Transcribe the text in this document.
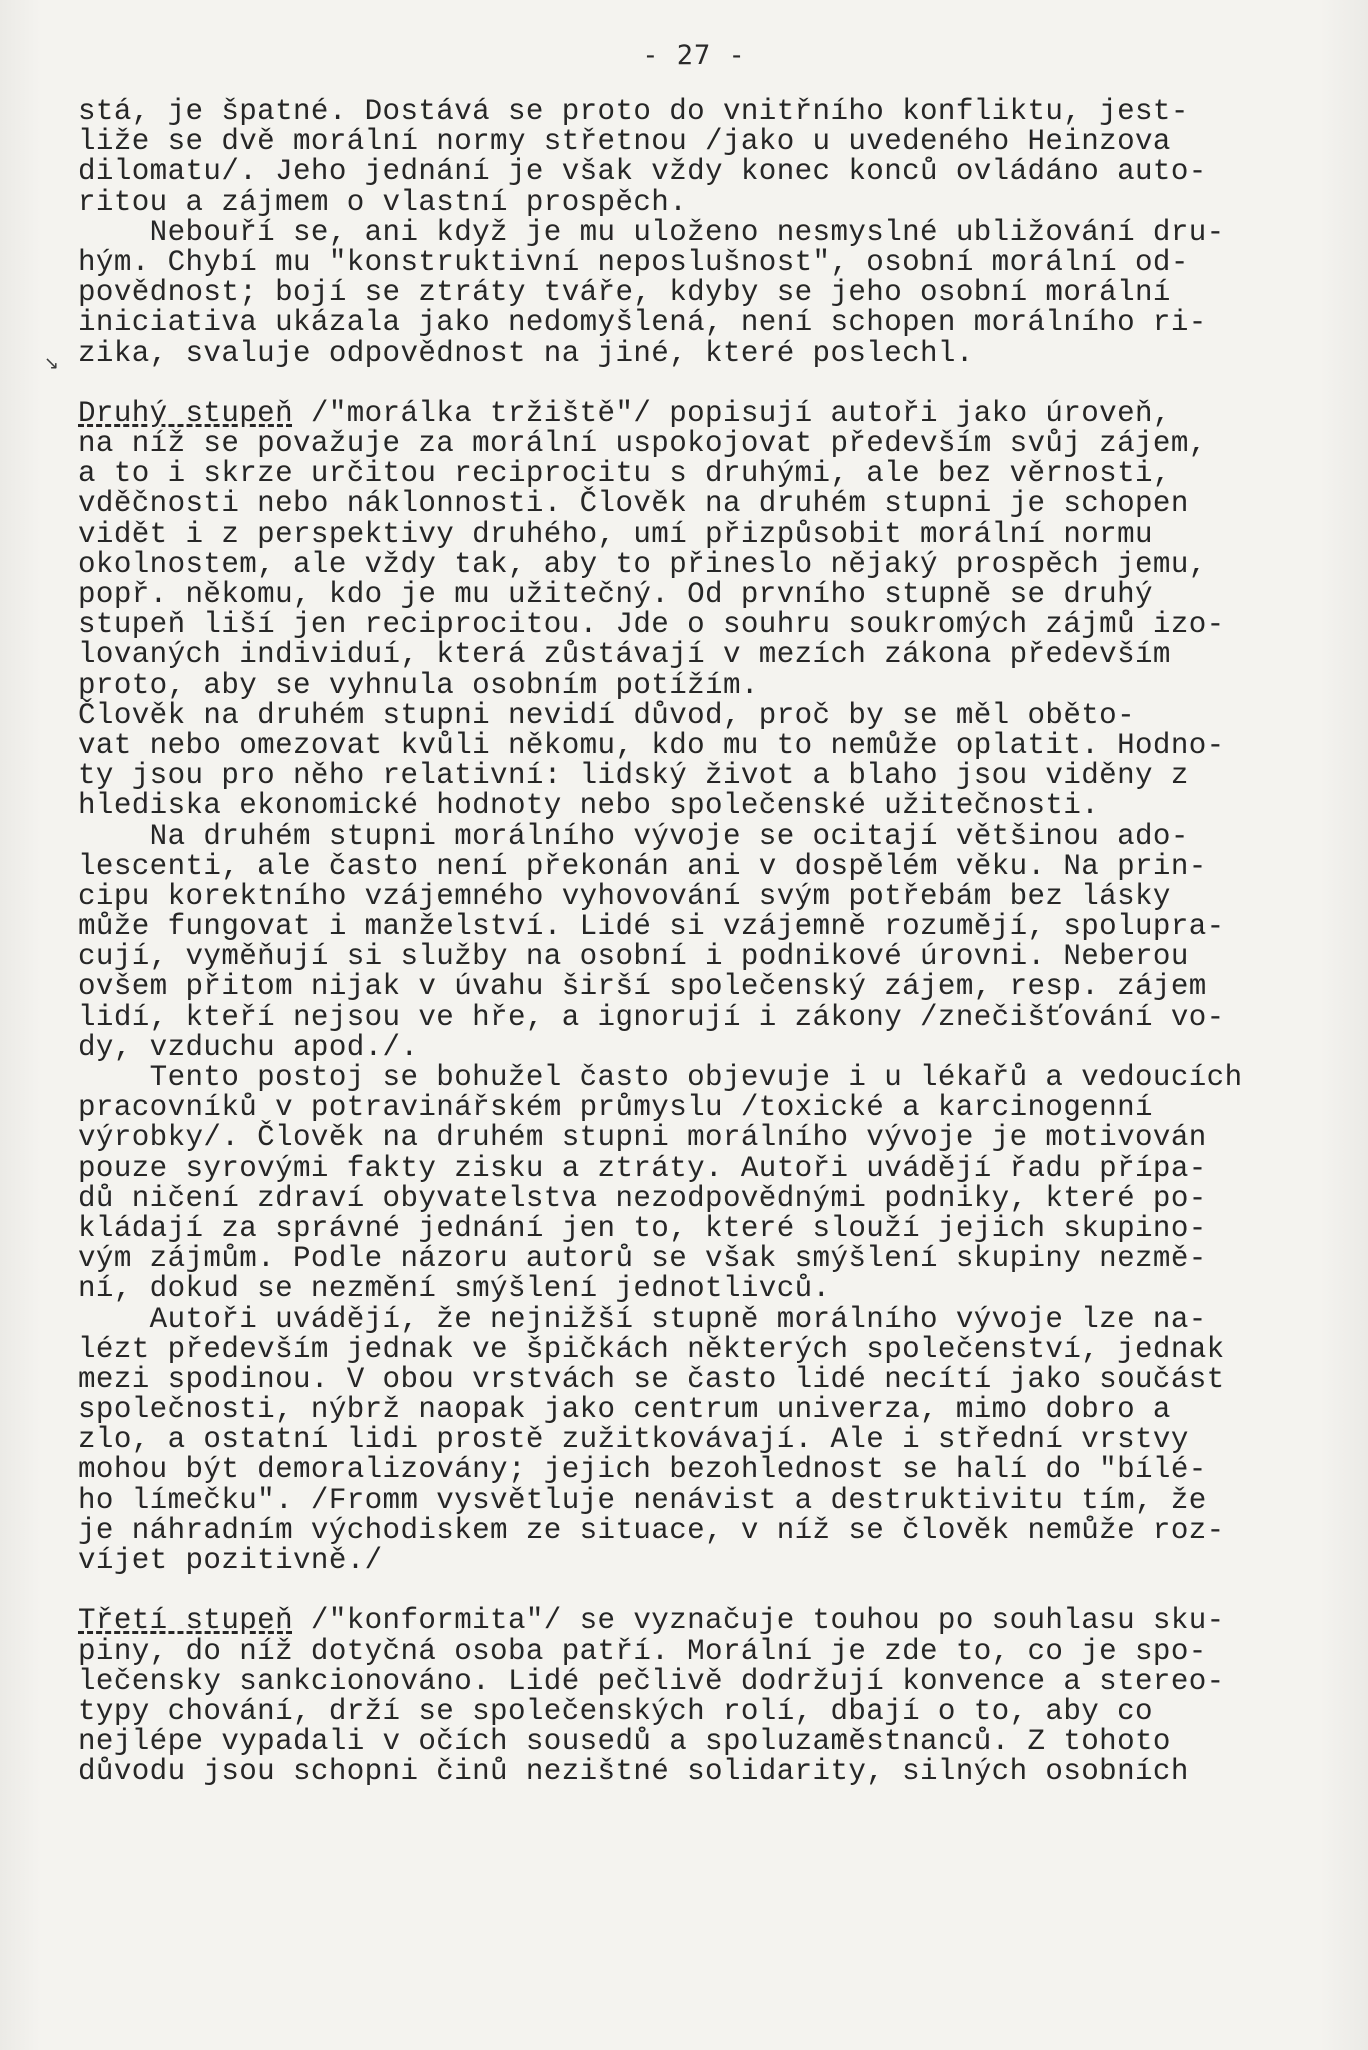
- 27 -
↘
stá, je špatné. Dostává se proto do vnitřního konfliktu, jest-
liže se dvě morální normy střetnou /jako u uvedeného Heinzova
dilomatu/. Jeho jednání je však vždy konec konců ovládáno auto-
ritou a zájmem o vlastní prospěch.
Nebouří se, ani když je mu uloženo nesmyslné ubližování dru-
hým. Chybí mu "konstruktivní neposlušnost", osobní morální od-
povědnost; bojí se ztráty tváře, kdyby se jeho osobní morální
iniciativa ukázala jako nedomyšlená, není schopen morálního ri-
zika, svaluje odpovědnost na jiné, které poslechl.
Druhý stupeň /"morálka tržiště"/ popisují autoři jako úroveň,
na níž se považuje za morální uspokojovat především svůj zájem,
a to i skrze určitou reciprocitu s druhými, ale bez věrnosti,
vděčnosti nebo náklonnosti. Člověk na druhém stupni je schopen
vidět i z perspektivy druhého, umí přizpůsobit morální normu
okolnostem, ale vždy tak, aby to přineslo nějaký prospěch jemu,
popř. někomu, kdo je mu užitečný. Od prvního stupně se druhý
stupeň liší jen reciprocitou. Jde o souhru soukromých zájmů izo-
lovaných individuí, která zůstávají v mezích zákona především
proto, aby se vyhnula osobním potížím.
Člověk na druhém stupni nevidí důvod, proč by se měl oběto-
vat nebo omezovat kvůli někomu, kdo mu to nemůže oplatit. Hodno-
ty jsou pro něho relativní: lidský život a blaho jsou viděny z
hlediska ekonomické hodnoty nebo společenské užitečnosti.
Na druhém stupni morálního vývoje se ocitají většinou ado-
lescenti, ale často není překonán ani v dospělém věku. Na prin-
cipu korektního vzájemného vyhovování svým potřebám bez lásky
může fungovat i manželství. Lidé si vzájemně rozumějí, spolupra-
cují, vyměňují si služby na osobní i podnikové úrovni. Neberou
ovšem přitom nijak v úvahu širší společenský zájem, resp. zájem
lidí, kteří nejsou ve hře, a ignorují i zákony /znečišťování vo-
dy, vzduchu apod./.
Tento postoj se bohužel často objevuje i u lékařů a vedoucích
pracovníků v potravinářském průmyslu /toxické a karcinogenní
výrobky/. Člověk na druhém stupni morálního vývoje je motivován
pouze syrovými fakty zisku a ztráty. Autoři uvádějí řadu přípa-
dů ničení zdraví obyvatelstva nezodpovědnými podniky, které po-
kládají za správné jednání jen to, které slouží jejich skupino-
vým zájmům. Podle názoru autorů se však smýšlení skupiny nezmě-
ní, dokud se nezmění smýšlení jednotlivců.
Autoři uvádějí, že nejnižší stupně morálního vývoje lze na-
lézt především jednak ve špičkách některých společenství, jednak
mezi spodinou. V obou vrstvách se často lidé necítí jako součást
společnosti, nýbrž naopak jako centrum univerza, mimo dobro a
zlo, a ostatní lidi prostě zužitkovávají. Ale i střední vrstvy
mohou být demoralizovány; jejich bezohlednost se halí do "bílé-
ho límečku". /Fromm vysvětluje nenávist a destruktivitu tím, že
je náhradním východiskem ze situace, v níž se člověk nemůže roz-
víjet pozitivně./
Třetí stupeň /"konformita"/ se vyznačuje touhou po souhlasu sku-
piny, do níž dotyčná osoba patří. Morální je zde to, co je spo-
lečensky sankcionováno. Lidé pečlivě dodržují konvence a stereo-
typy chování, drží se společenských rolí, dbají o to, aby co
nejlépe vypadali v očích sousedů a spoluzaměstnanců. Z tohoto
důvodu jsou schopni činů nezištné solidarity, silných osobních
